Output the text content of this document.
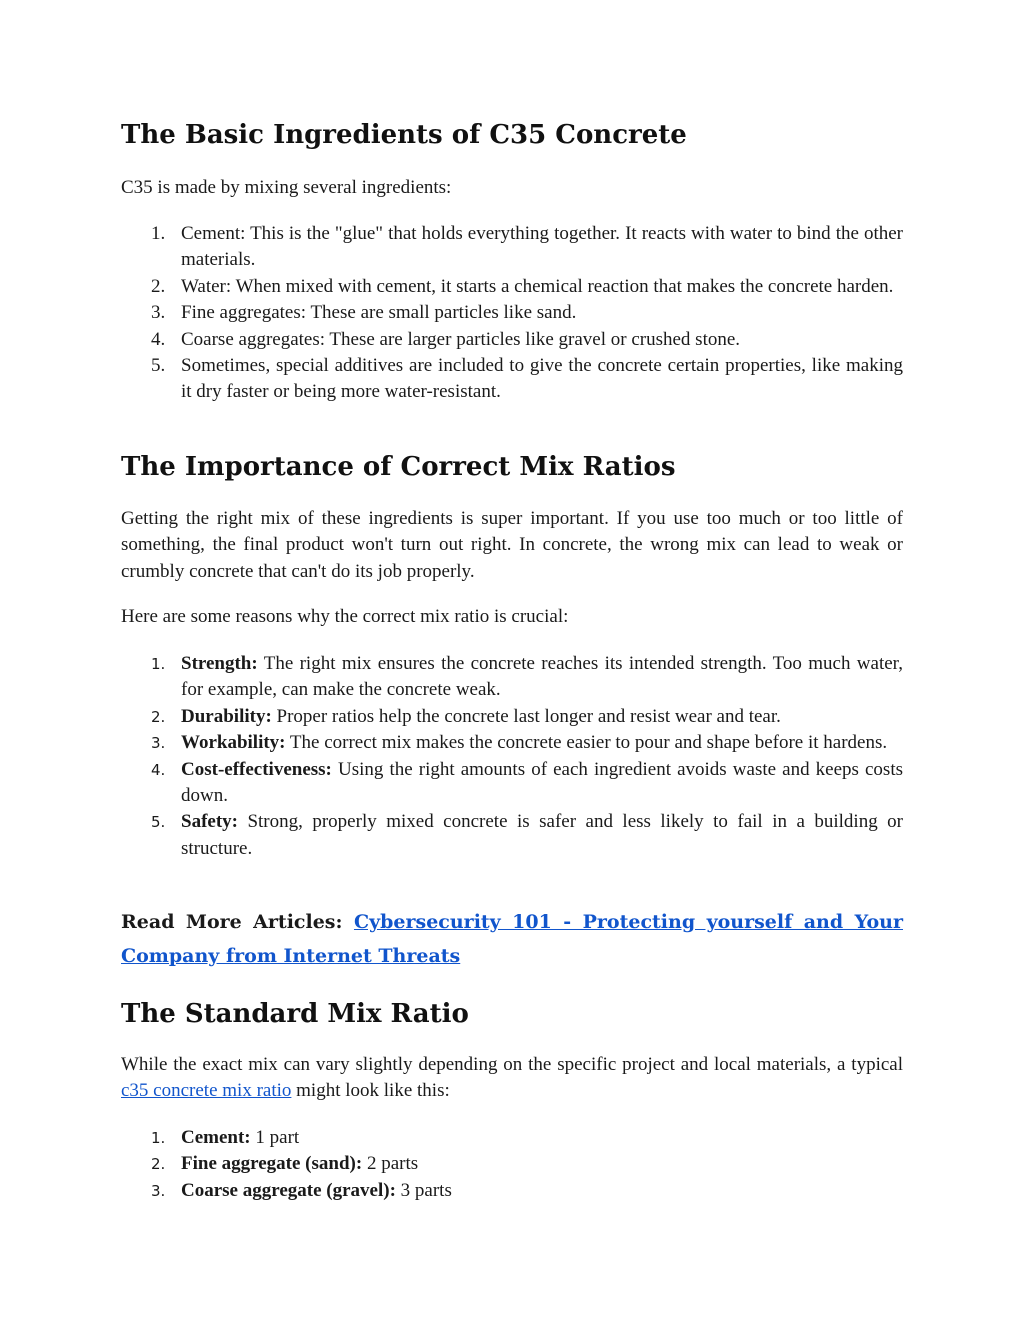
The Basic Ingredients of C35 Concrete

C35 is made by mixing several ingredients:

1. Cement: This is the "glue" that holds everything together. It reacts with water to bind the other materials.
2. Water: When mixed with cement, it starts a chemical reaction that makes the concrete harden.
3. Fine aggregates: These are small particles like sand.
4. Coarse aggregates: These are larger particles like gravel or crushed stone.
5. Sometimes, special additives are included to give the concrete certain properties, like making it dry faster or being more water-resistant.
The Importance of Correct Mix Ratios

Getting the right mix of these ingredients is super important. If you use too much or too little of something, the final product won't turn out right. In concrete, the wrong mix can lead to weak or crumbly concrete that can't do its job properly.

Here are some reasons why the correct mix ratio is crucial:

1. Strength: The right mix ensures the concrete reaches its intended strength. Too much water, for example, can make the concrete weak.
2. Durability: Proper ratios help the concrete last longer and resist wear and tear.
3. Workability: The correct mix makes the concrete easier to pour and shape before it hardens.
4. Cost-effectiveness: Using the right amounts of each ingredient avoids waste and keeps costs down.
5. Safety: Strong, properly mixed concrete is safer and less likely to fail in a building or structure.

Read More Articles: Cybersecurity 101 - Protecting yourself and Your Company from Internet Threats

The Standard Mix Ratio

While the exact mix can vary slightly depending on the specific project and local materials, a typical c35 concrete mix ratio might look like this:

1. Cement: 1 part
2. Fine aggregate (sand): 2 parts
3. Coarse aggregate (gravel): 3 parts
